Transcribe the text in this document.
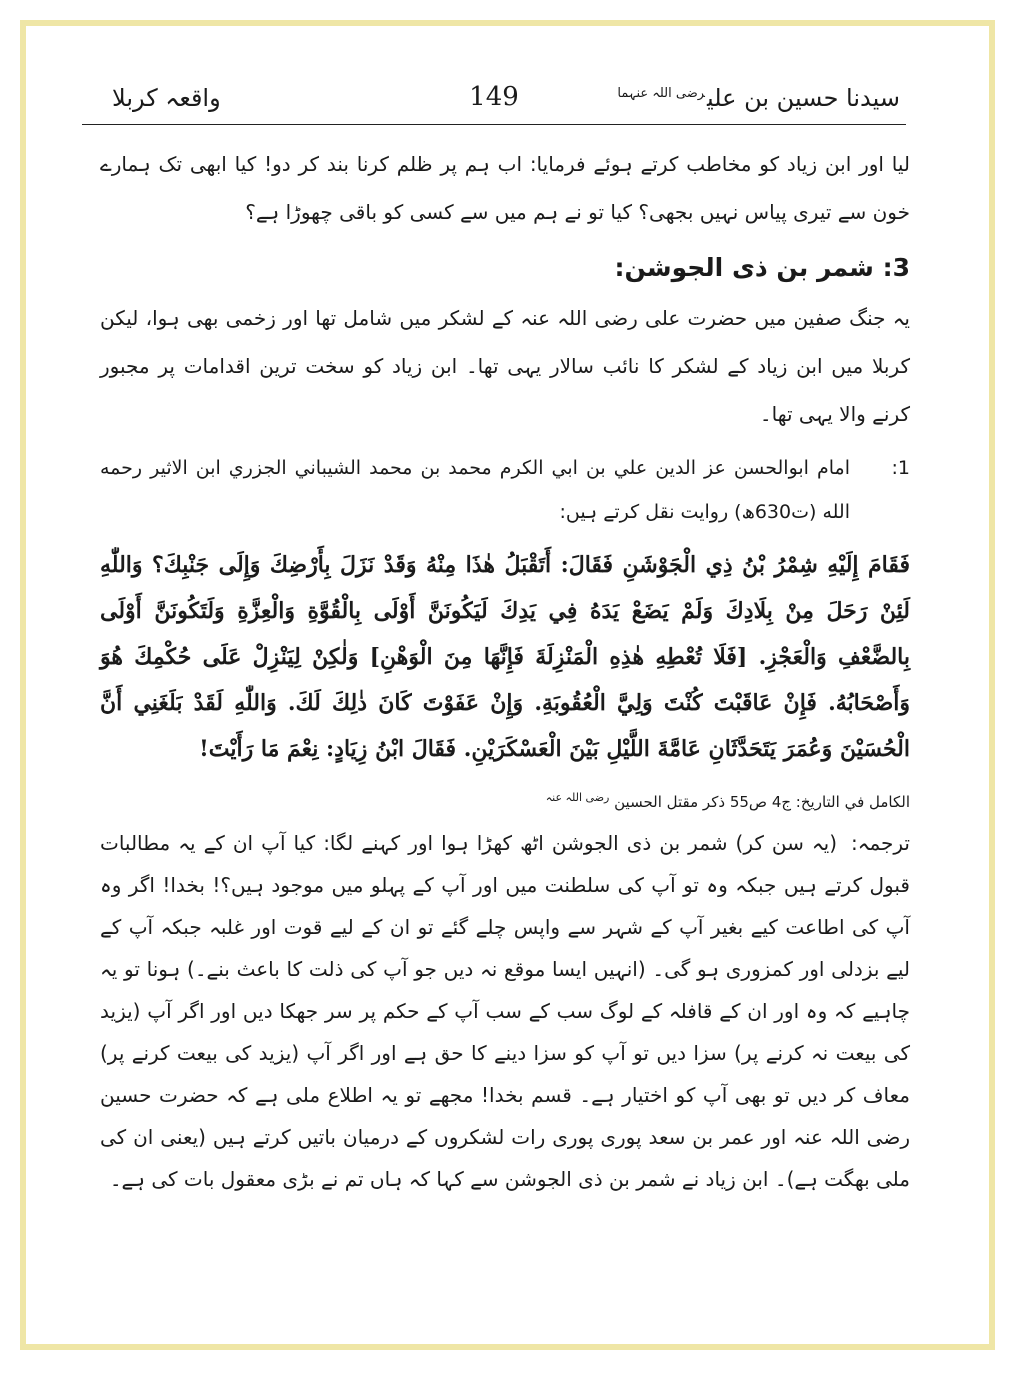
سیدنا حسین بن علی$^{رضی اللہ عنہما}$
149
واقعہ کربلا

لیا اور ابن زیاد کو مخاطب کرتے ہوئے فرمایا: اب ہم پر ظلم کرنا بند کر دو! کیا ابھی تک ہمارے خون سے تیری پیاس نہیں بجھی؟ کیا تو نے ہم میں سے کسی کو باقی چھوڑا ہے؟

3: شمر بن ذی الجوشن:

یہ جنگ صفین میں حضرت علی رضی اللہ عنہ کے لشکر میں شامل تھا اور زخمی بھی ہوا، لیکن کربلا میں ابن زیاد کے لشکر کا نائب سالار یہی تھا۔ ابن زیاد کو سخت ترین اقدامات پر مجبور کرنے والا یہی تھا۔

1:
امام ابوالحسن عز الدين علي بن ابي الكرم محمد بن محمد الشيباني الجزري ابن الاثير رحمه الله (ت630ھ) روایت نقل کرتے ہیں:

فَقَامَ إِلَيْهِ شِمْرُ بْنُ ذِي الْجَوْشَنِ فَقَالَ: أَتَقْبَلُ هٰذَا مِنْهُ وَقَدْ نَزَلَ بِأَرْضِكَ وَإِلَى جَنْبِكَ؟ وَاللّٰهِ لَئِنْ رَحَلَ مِنْ بِلَادِكَ وَلَمْ يَضَعْ يَدَهُ فِي يَدِكَ لَيَكُونَنَّ أَوْلَى بِالْقُوَّةِ وَالْعِزَّةِ وَلَتَكُونَنَّ أَوْلَى بِالضَّعْفِ وَالْعَجْزِ. [فَلَا تُعْطِهِ هٰذِهِ الْمَنْزِلَةَ فَإِنَّهَا مِنَ الْوَهْنِ] وَلٰكِنْ لِيَنْزِلْ عَلَى حُكْمِكَ هُوَ وَأَصْحَابُهُ. فَإِنْ عَاقَبْتَ كُنْتَ وَلِيَّ الْعُقُوبَةِ. وَإِنْ عَفَوْتَ كَانَ ذٰلِكَ لَكَ. وَاللّٰهِ لَقَدْ بَلَغَنِي أَنَّ الْحُسَيْنَ وَعُمَرَ يَتَحَدَّثَانِ عَامَّةَ اللَّيْلِ بَيْنَ الْعَسْكَرَيْنِ. فَقَالَ ابْنُ زِيَادٍ: نِعْمَ مَا رَأَيْتَ!

الكامل في التاريخ: ج4 ص55 ذکر مقتل الحسين $^{رضی اللہ عنہ}$

ترجمہ:(یہ سن کر) شمر بن ذی الجوشن اٹھ کھڑا ہوا اور کہنے لگا: کیا آپ ان کے یہ مطالبات قبول کرتے ہیں جبکہ وہ تو آپ کی سلطنت میں اور آپ کے پہلو میں موجود ہیں؟! بخدا! اگر وہ آپ کی اطاعت کیے بغیر آپ کے شہر سے واپس چلے گئے تو ان کے لیے قوت اور غلبہ جبکہ آپ کے لیے بزدلی اور کمزوری ہو گی۔ (انہیں ایسا موقع نہ دیں جو آپ کی ذلت کا باعث بنے۔) ہونا تو یہ چاہیے کہ وہ اور ان کے قافلہ کے لوگ سب کے سب آپ کے حکم پر سر جھکا دیں اور اگر آپ (یزید کی بیعت نہ کرنے پر) سزا دیں تو آپ کو سزا دینے کا حق ہے اور اگر آپ (یزید کی بیعت کرنے پر) معاف کر دیں تو بھی آپ کو اختیار ہے۔ قسم بخدا! مجھے تو یہ اطلاع ملی ہے کہ حضرت حسین رضی اللہ عنہ اور عمر بن سعد پوری پوری رات لشکروں کے درمیان باتیں کرتے ہیں (یعنی ان کی ملی بھگت ہے)۔ ابن زیاد نے شمر بن ذی الجوشن سے کہا کہ ہاں تم نے بڑی معقول بات کی ہے۔
